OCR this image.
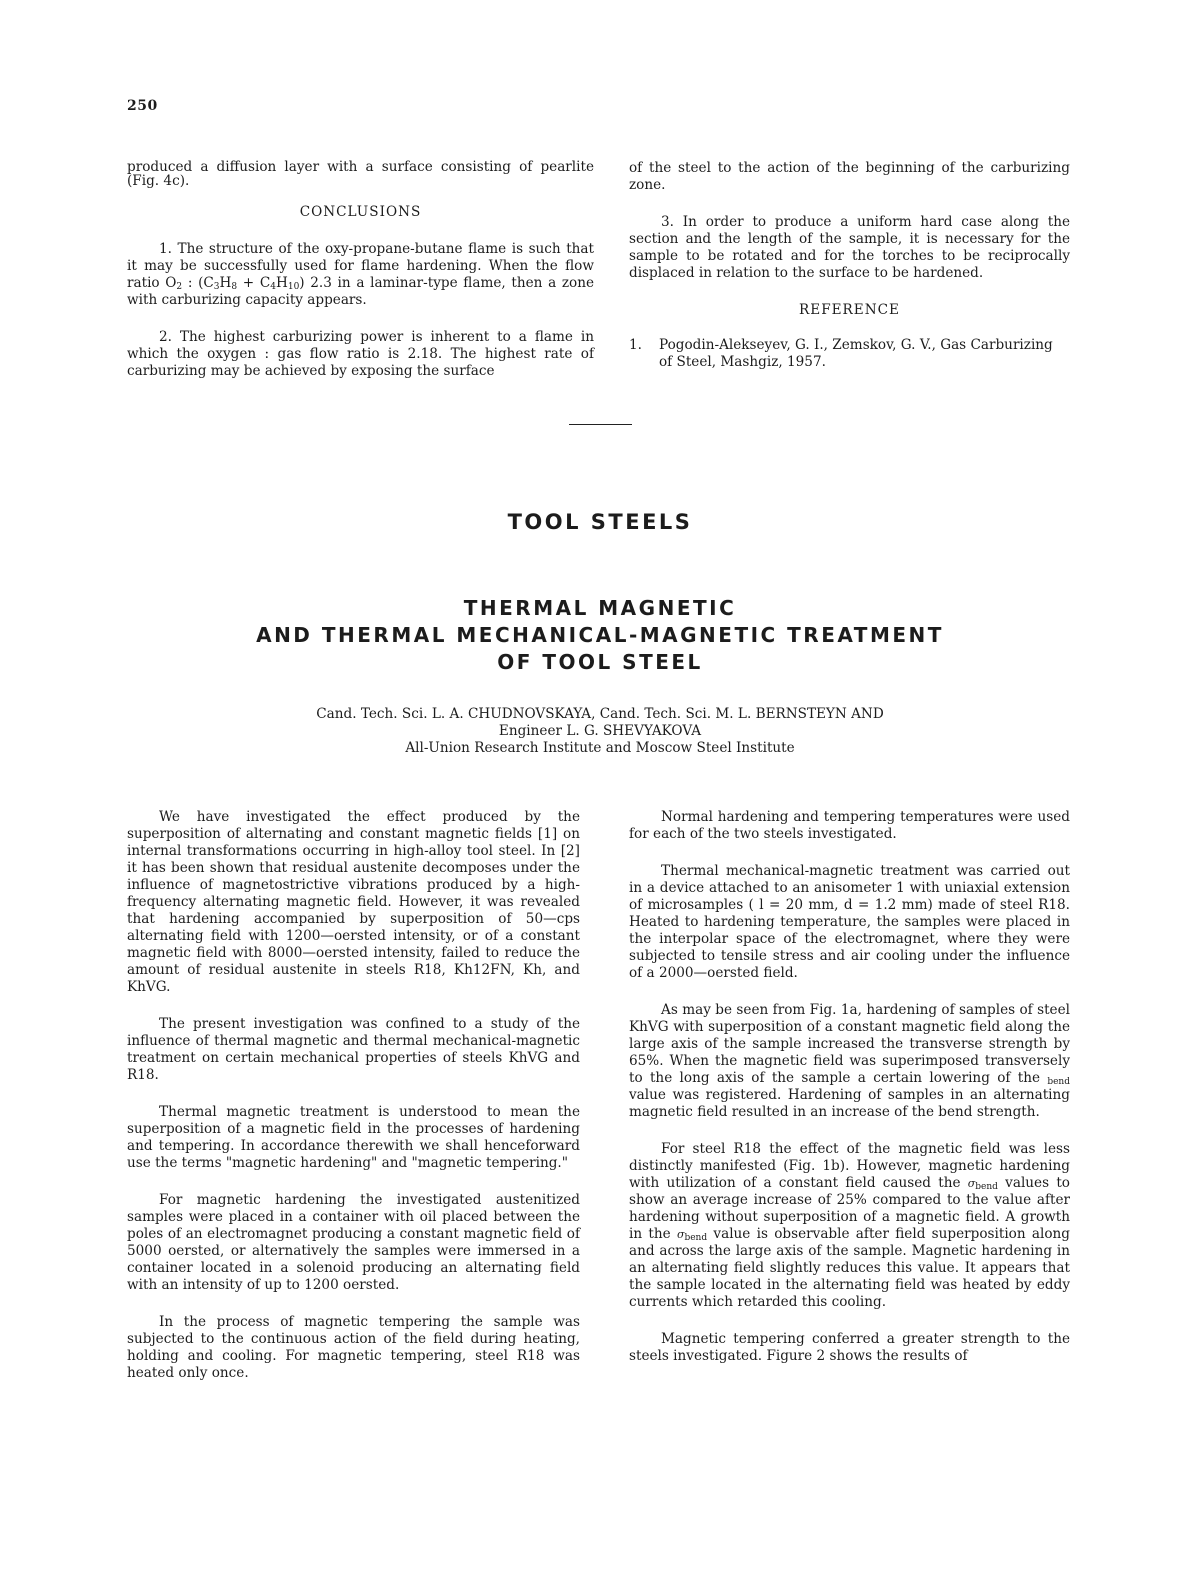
250

produced a diffusion layer with a surface consisting of pearlite (Fig. 4c).

CONCLUSIONS

1. The structure of the oxy-propane-butane flame is such that it may be successfully used for flame hardening. When the flow ratio $O_2$ : $(C_3H_8 + C_4H_{10})$ 2.3 in a laminar-type flame, then a zone with carburizing capacity appears.

2. The highest carburizing power is inherent to a flame in which the oxygen : gas flow ratio is 2.18. The highest rate of carburizing may be achieved by exposing the surface

of the steel to the action of the beginning of the carburizing zone.

3. In order to produce a uniform hard case along the section and the length of the sample, it is necessary for the sample to be rotated and for the torches to be reciprocally displaced in relation to the surface to be hardened.

REFERENCE

1.	Pogodin-Alekseyev, G. I., Zemskov, G. V., Gas Carburizing of Steel, Mashgiz, 1957.
TOOL STEELS
THERMAL MAGNETIC
AND THERMAL MECHANICAL-MAGNETIC TREATMENT
OF TOOL STEEL
Cand. Tech. Sci. L. A. CHUDNOVSKAYA, Cand. Tech. Sci. M. L. BERNSTEYN AND
Engineer L. G. SHEVYAKOVA
All-Union Research Institute and Moscow Steel Institute

We have investigated the effect produced by the superposition of alternating and constant magnetic fields [1] on internal transformations occurring in high-alloy tool steel. In [2] it has been shown that residual austenite decomposes under the influence of magnetostrictive vibrations produced by a high-frequency alternating magnetic field. However, it was revealed that hardening accompanied by superposition of 50—cps alternating field with 1200—oersted intensity, or of a constant magnetic field with 8000—oersted intensity, failed to reduce the amount of residual austenite in steels R18, Kh12FN, Kh, and KhVG.

The present investigation was confined to a study of the influence of thermal magnetic and thermal mechanical-magnetic treatment on certain mechanical properties of steels KhVG and R18.

Thermal magnetic treatment is understood to mean the superposition of a magnetic field in the processes of hardening and tempering. In accordance therewith we shall henceforward use the terms "magnetic hardening" and "magnetic tempering."

For magnetic hardening the investigated austenitized samples were placed in a container with oil placed between the poles of an electromagnet producing a constant magnetic field of 5000 oersted, or alternatively the samples were immersed in a container located in a solenoid producing an alternating field with an intensity of up to 1200 oersted.

In the process of magnetic tempering the sample was subjected to the continuous action of the field during heating, holding and cooling. For magnetic tempering, steel R18 was heated only once.

Normal hardening and tempering temperatures were used for each of the two steels investigated.

Thermal mechanical-magnetic treatment was carried out in a device attached to an anisometer 1 with uniaxial extension of microsamples ( l = 20 mm, d = 1.2 mm) made of steel R18. Heated to hardening temperature, the samples were placed in the interpolar space of the electromagnet, where they were subjected to tensile stress and air cooling under the influence of a 2000—oersted field.

As may be seen from Fig. 1a, hardening of samples of steel KhVG with superposition of a constant magnetic field along the large axis of the sample increased the transverse strength by 65%. When the magnetic field was superimposed transversely to the long axis of the sample a certain lowering of the $_{bend}$ value was registered. Hardening of samples in an alternating magnetic field resulted in an increase of the bend strength.

For steel R18 the effect of the magnetic field was less distinctly manifested (Fig. 1b). However, magnetic hardening with utilization of a constant field caused the $\sigma_{bend}$ values to show an average increase of 25% compared to the value after hardening without superposition of a magnetic field. A growth in the $\sigma_{bend}$ value is observable after field superposition along and across the large axis of the sample. Magnetic hardening in an alternating field slightly reduces this value. It appears that the sample located in the alternating field was heated by eddy currents which retarded this cooling.

Magnetic tempering conferred a greater strength to the steels investigated. Figure 2 shows the results of
